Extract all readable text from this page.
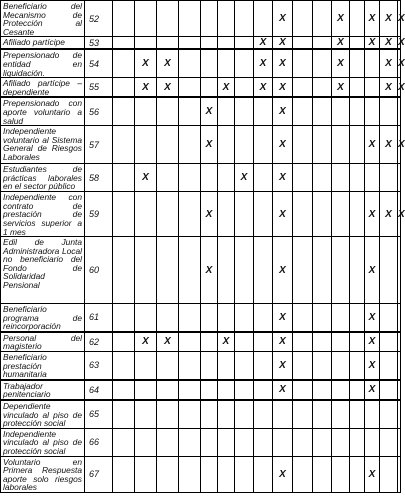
Beneficiario del Mecanismo de Protección al Cesante	52									X			X		X	X	X		
Afiliado partícipe	53								X	X			X		X	X	X		
Prepensionado de entidad en liquidación.	54		X	X					X	X			X			X	X		
Afiliado partícipe – dependiente	55		X	X			X		X	X			X			X	X		
Prepensionado con aporte voluntario a salud	56					X				X									
Independiente voluntario al Sistema General de Riesgos Laborales	57					X				X					X	X	X		
Estudiantes de prácticas laborales en el sector público	58		X					X		X									
Independiente con contrato de prestación de servicios superior a 1 mes	59					X				X					X	X	X		
Edil de Junta Administradora Local no beneficiario del Fondo de Solidaridad Pensional	60					X				X					X				
Beneficiario programa de reincorporación	61									X					X				
Personal del magisterio	62		X	X			X			X					X				
Beneficiario prestación humanitaria	63									X					X				
Trabajador penitenciario	64									X					X				
Dependiente vinculado al piso de protección social	65																		
Independiente vinculado al piso de protección social	66																		
Voluntario en Primera Respuesta aporte solo riesgos laborales	67									X					X				
